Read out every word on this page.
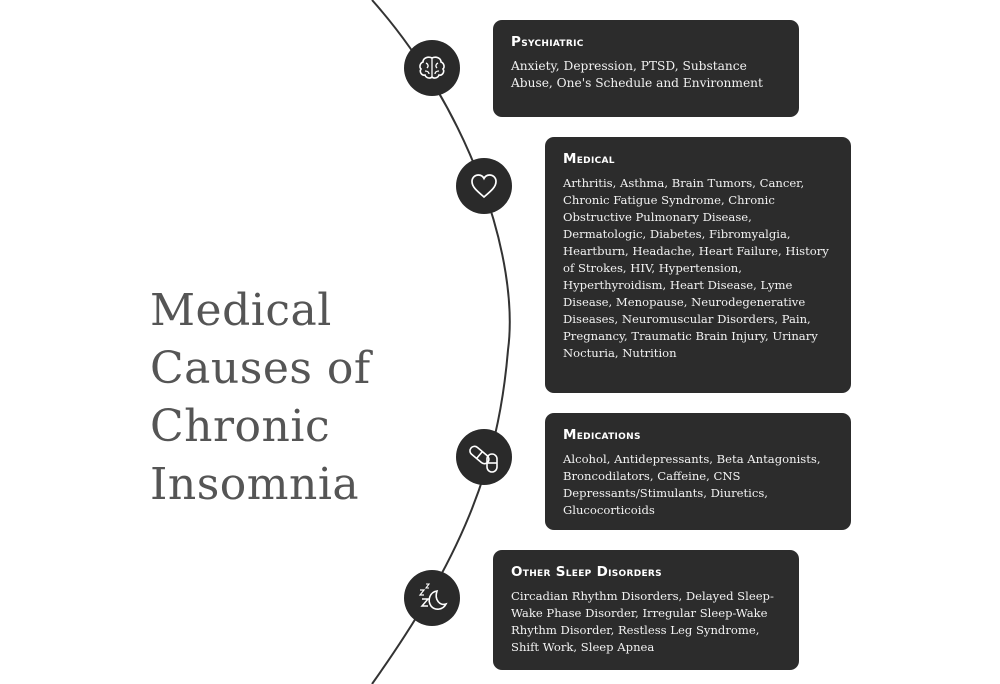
Medical
Causes of
Chronic
Insomnia
Psychiatric

Anxiety, Depression, PTSD, Substance Abuse, One's Schedule and Environment

Medical

Arthritis, Asthma, Brain Tumors, Cancer, Chronic Fatigue Syndrome, Chronic Obstructive Pulmonary Disease, Dermatologic, Diabetes, Fibromyalgia, Heartburn, Headache, Heart Failure, History of Strokes, HIV, Hypertension, Hyperthyroidism, Heart Disease, Lyme Disease, Menopause, Neurodegenerative Diseases, Neuromuscular Disorders, Pain, Pregnancy, Traumatic Brain Injury, Urinary Nocturia, Nutrition

Medications

Alcohol, Antidepressants, Beta Antagonists, Broncodilators, Caffeine, CNS Depressants/Stimulants, Diuretics, Glucocorticoids

Other Sleep Disorders

Circadian Rhythm Disorders, Delayed Sleep-Wake Phase Disorder, Irregular Sleep-Wake Rhythm Disorder, Restless Leg Syndrome, Shift Work, Sleep Apnea
